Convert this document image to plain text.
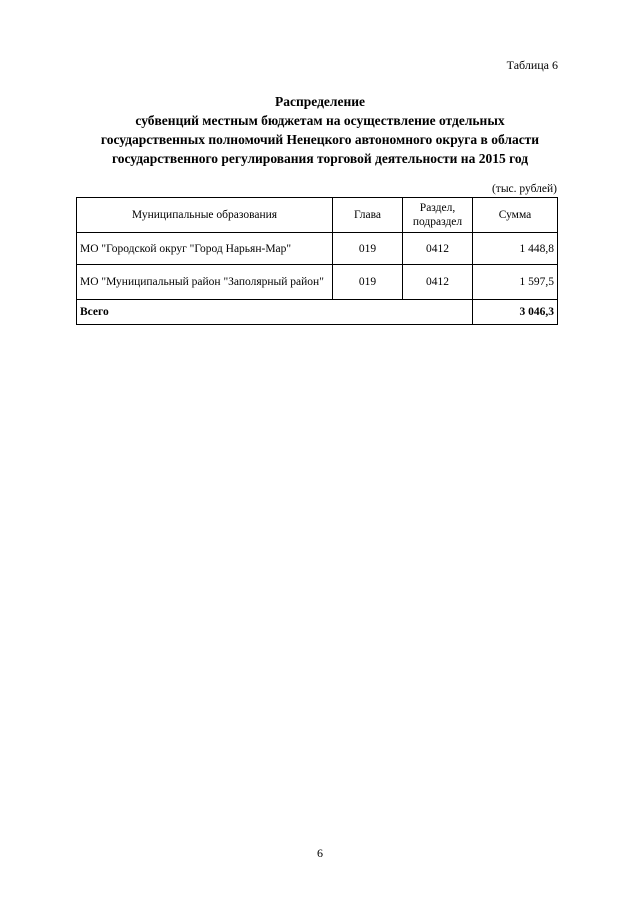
Таблица 6
Распределение
субвенций местным бюджетам на осуществление отдельных
государственных полномочий Ненецкого автономного округа в области
государственного регулирования торговой деятельности на 2015 год
(тыс. рублей)
Муниципальные образования	Глава	Раздел, подраздел	Сумма
МО "Городской округ "Город Нарьян-Мар"	019	0412	1 448,8
МО "Муниципальный район "Заполярный район"	019	0412	1 597,5
Всего			3 046,3
6
